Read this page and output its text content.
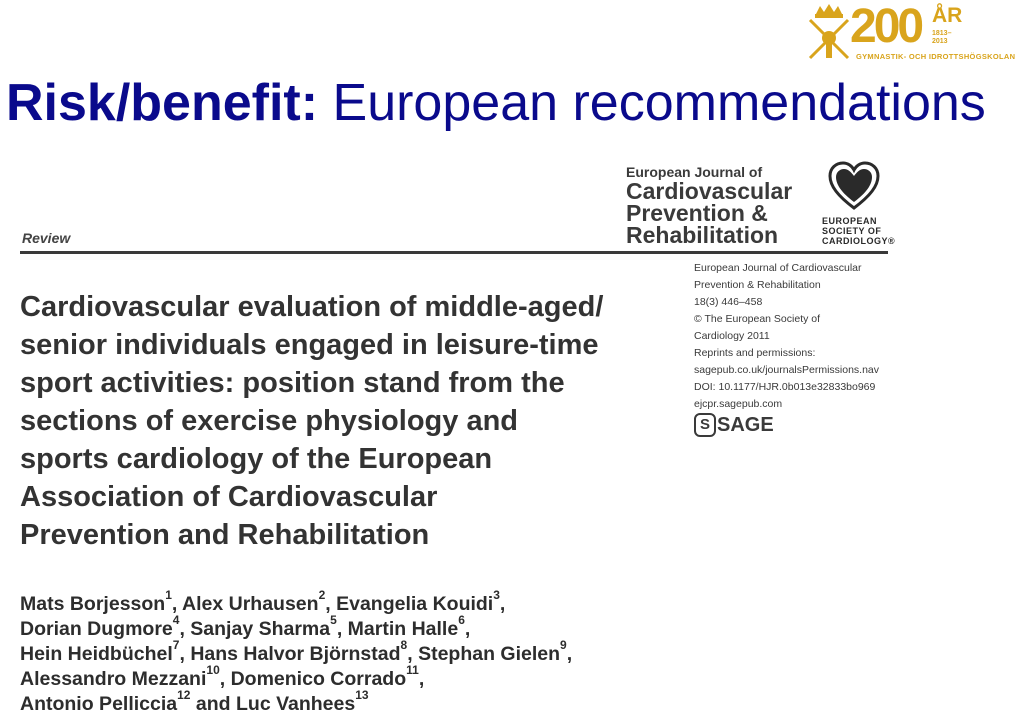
Risk/benefit: European recommendations
200 ÅR
1813–2013
GYMNASTIK- OCH IDROTTSHÖGSKOLAN
European Journal of
Cardiovascular
Prevention &
Rehabilitation
EUROPEAN
SOCIETY OF
CARDIOLOGY®
Review
European Journal of Cardiovascular
Prevention & Rehabilitation
18(3) 446–458
© The European Society of
Cardiology 2011
Reprints and permissions:
sagepub.co.uk/journalsPermissions.nav
DOI: 10.1177/HJR.0b013e32833bo969
ejcpr.sagepub.com
S SAGE
Cardiovascular evaluation of middle-aged/
senior individuals engaged in leisure-time
sport activities: position stand from the
sections of exercise physiology and
sports cardiology of the European
Association of Cardiovascular
Prevention and Rehabilitation
Mats Borjesson$^1$, Alex Urhausen$^2$, Evangelia Kouidi$^3$,
Dorian Dugmore$^4$, Sanjay Sharma$^5$, Martin Halle$^6$,
Hein Heidbüchel$^7$, Hans Halvor Björnstad$^8$, Stephan Gielen$^9$,
Alessandro Mezzani$^{10}$, Domenico Corrado$^{11}$,
Antonio Pelliccia$^{12}$ and Luc Vanhees$^{13}$
